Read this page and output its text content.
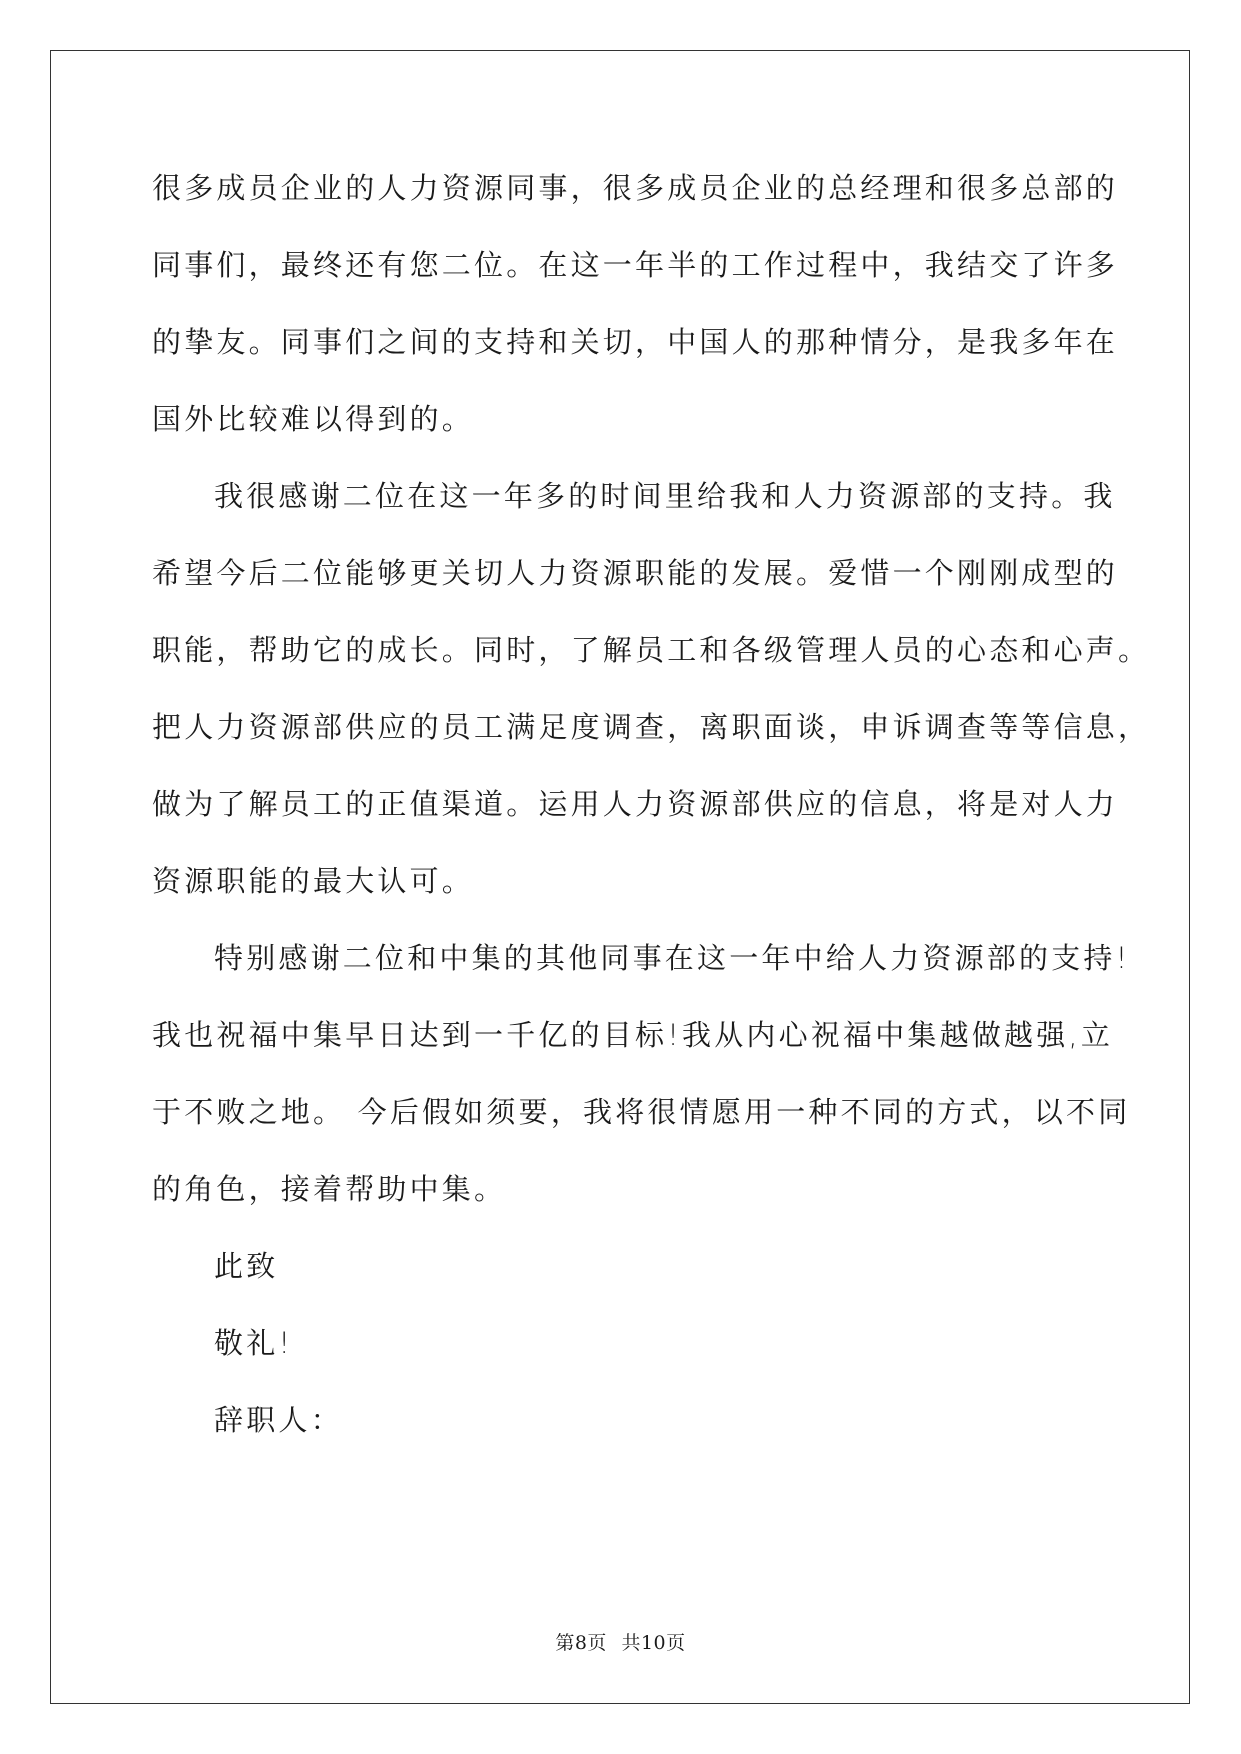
很多成员企业的人力资源同事，很多成员企业的总经理和很多总部的
同事们，最终还有您二位。在这一年半的工作过程中，我结交了许多
的挚友。同事们之间的支持和关切，中国人的那种情分，是我多年在
国外比较难以得到的。
我很感谢二位在这一年多的时间里给我和人力资源部的支持。我
希望今后二位能够更关切人力资源职能的发展。爱惜一个刚刚成型的
职能，帮助它的成长。同时，了解员工和各级管理人员的心态和心声。
把人力资源部供应的员工满足度调查，离职面谈，申诉调查等等信息，
做为了解员工的正值渠道。运用人力资源部供应的信息，将是对人力
资源职能的最大认可。
特别感谢二位和中集的其他同事在这一年中给人力资源部的支持!
我也祝福中集早日达到一千亿的目标!我从内心祝福中集越做越强,立
于不败之地。 今后假如须要，我将很情愿用一种不同的方式，以不同
的角色，接着帮助中集。
此致
敬礼!
辞职人：
第8页 共10页
